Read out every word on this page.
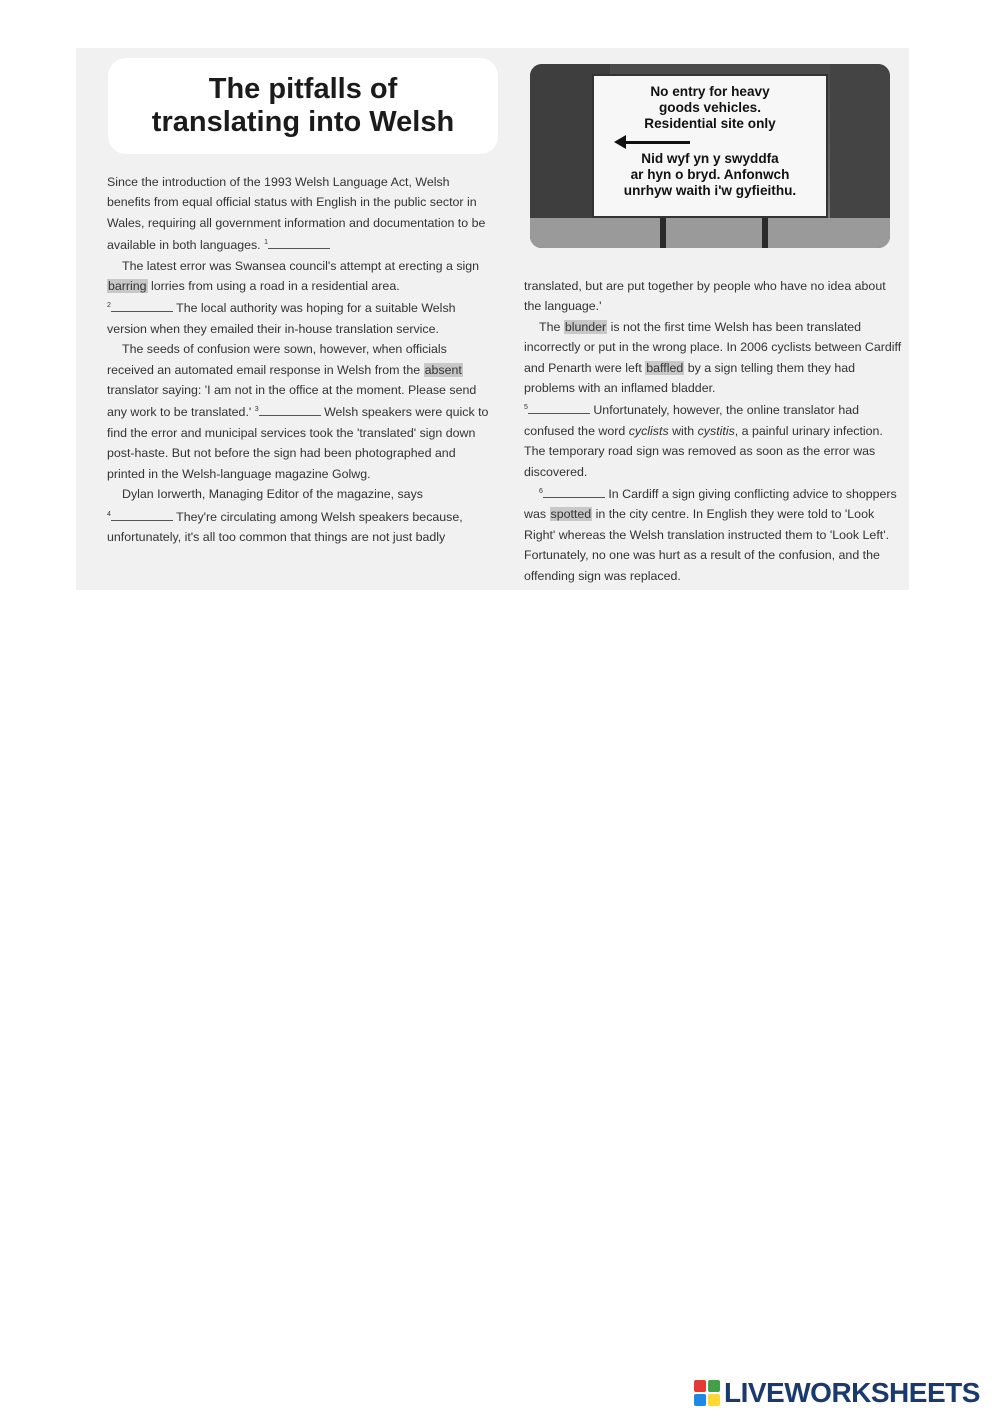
The pitfalls of
translating into Welsh
No entry for heavy
goods vehicles.
Residential site only
Nid wyf yn y swyddfa
ar hyn o bryd. Anfonwch
unrhyw waith i'w gyfieithu.

Since the introduction of the 1993 Welsh Language Act, Welsh benefits from equal official status with English in the public sector in Wales, requiring all government information and documentation to be available in both languages. $^1$

The latest error was Swansea council's attempt at erecting a sign barring lorries from using a road in a residential area.
$^2$	The local authority was hoping for a suitable Welsh version when they emailed their in-house translation service.

The seeds of confusion were sown, however, when officials received an automated email response in Welsh from the absent translator saying: 'I am not in the office at the moment. Please send any work to be translated.' $^3$	Welsh speakers were quick to find the error and municipal services took the 'translated' sign down post-haste. But not before the sign had been photographed and printed in the Welsh-language magazine Golwg.

Dylan Iorwerth, Managing Editor of the magazine, says
$^4$	They're circulating among Welsh speakers because, unfortunately, it's all too common that things are not just badly

translated, but are put together by people who have no idea about the language.'

The blunder is not the first time Welsh has been translated incorrectly or put in the wrong place. In 2006 cyclists between Cardiff and Penarth were left baffled by a sign telling them they had problems with an inflamed bladder.
$^5$	Unfortunately, however, the online translator had confused the word cyclists with cystitis, a painful urinary infection. The temporary road sign was removed as soon as the error was discovered.

$^6$	In Cardiff a sign giving conflicting advice to shoppers was spotted in the city centre. In English they were told to 'Look Right' whereas the Welsh translation instructed them to 'Look Left'. Fortunately, no one was hurt as a result of the confusion, and the offending sign was replaced.

LIVEWORKSHEETS
